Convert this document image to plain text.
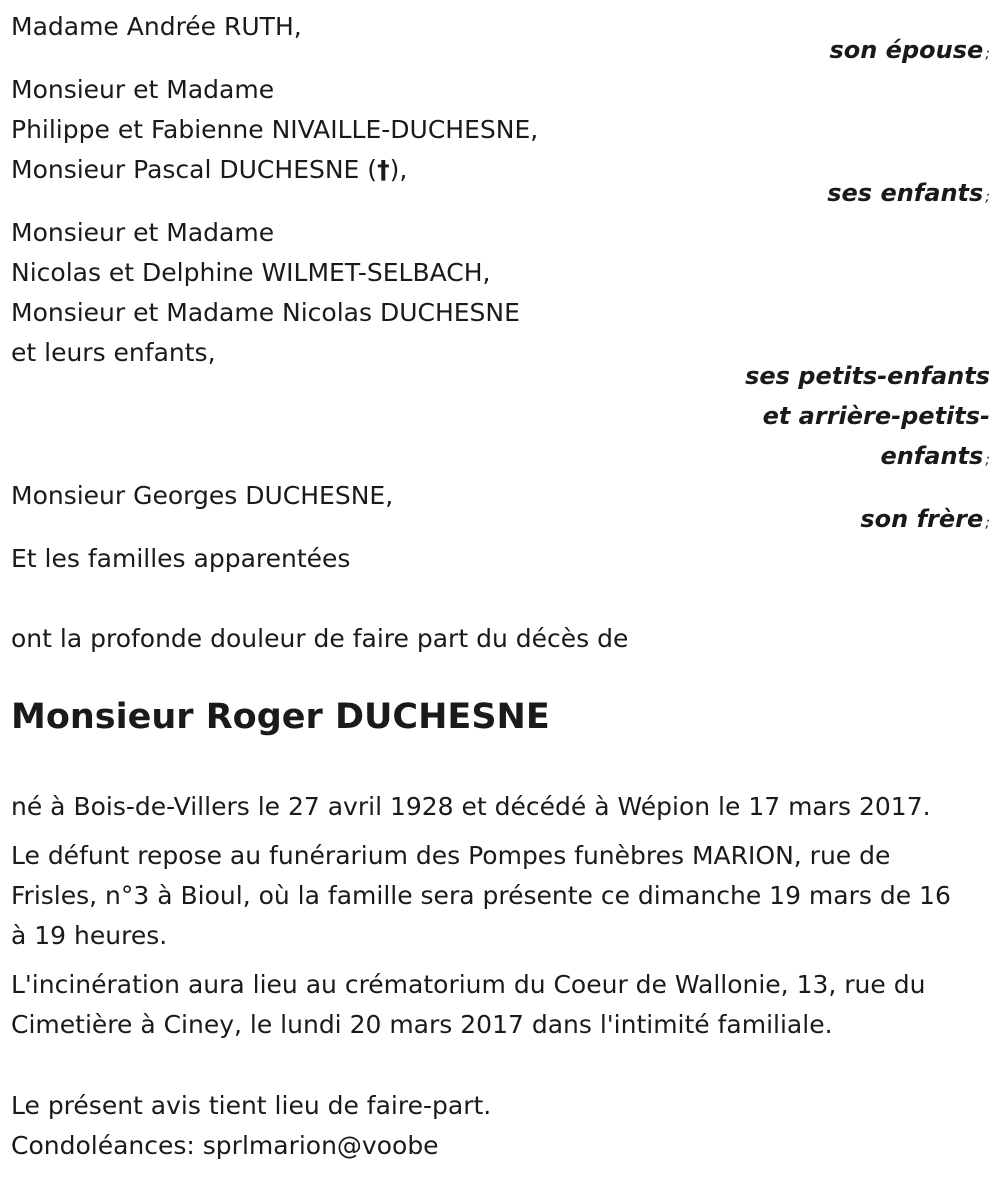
Madame Andrée RUTH,
son épouse ;
Monsieur et Madame
Philippe et Fabienne NIVAILLE-DUCHESNE,
Monsieur Pascal DUCHESNE (†),
ses enfants ;
Monsieur et Madame
Nicolas et Delphine WILMET-SELBACH,
Monsieur et Madame Nicolas DUCHESNE
et leurs enfants,
ses petits-enfants
et arrière-petits-
enfants ;
Monsieur Georges DUCHESNE,
son frère ;
Et les familles apparentées
ont la profonde douleur de faire part du décès de
Monsieur Roger DUCHESNE
né à Bois-de-Villers le 27 avril 1928 et décédé à Wépion le 17 mars 2017.
Le défunt repose au funérarium des Pompes funèbres MARION, rue de
Frisles, n°3 à Bioul, où la famille sera présente ce dimanche 19 mars de 16
à 19 heures.
L'incinération aura lieu au crématorium du Coeur de Wallonie, 13, rue du
Cimetière à Ciney, le lundi 20 mars 2017 dans l'intimité familiale.
Le présent avis tient lieu de faire-part.
Condoléances: sprlmarion@voobe
